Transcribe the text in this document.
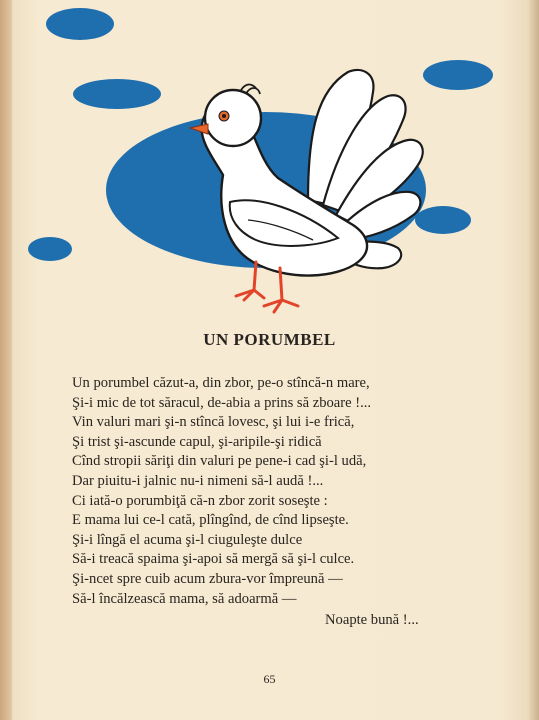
UN PORUMBEL
Un porumbel căzut-a, din zbor, pe-o stîncă-n mare,
Şi-i mic de tot săracul, de-abia a prins să zboare !...
Vin valuri mari şi-n stîncă lovesc, şi lui i-e frică,
Şi trist şi-ascunde capul, şi-aripile-şi ridică
Cînd stropii săriţi din valuri pe pene-i cad şi-l udă,
Dar piuitu-i jalnic nu-i nimeni să-l audă !...
Ci iată-o porumbiţă că-n zbor zorit soseşte :
E mama lui ce-l cată, plîngînd, de cînd lipseşte.
Şi-i lîngă el acuma şi-l ciuguleşte dulce
Să-i treacă spaima şi-apoi să mergă să şi-l culce.
Şi-ncet spre cuib acum zbura-vor împreună —
Să-l încălzească mama, să adoarmă —
Noapte bună !...
65
